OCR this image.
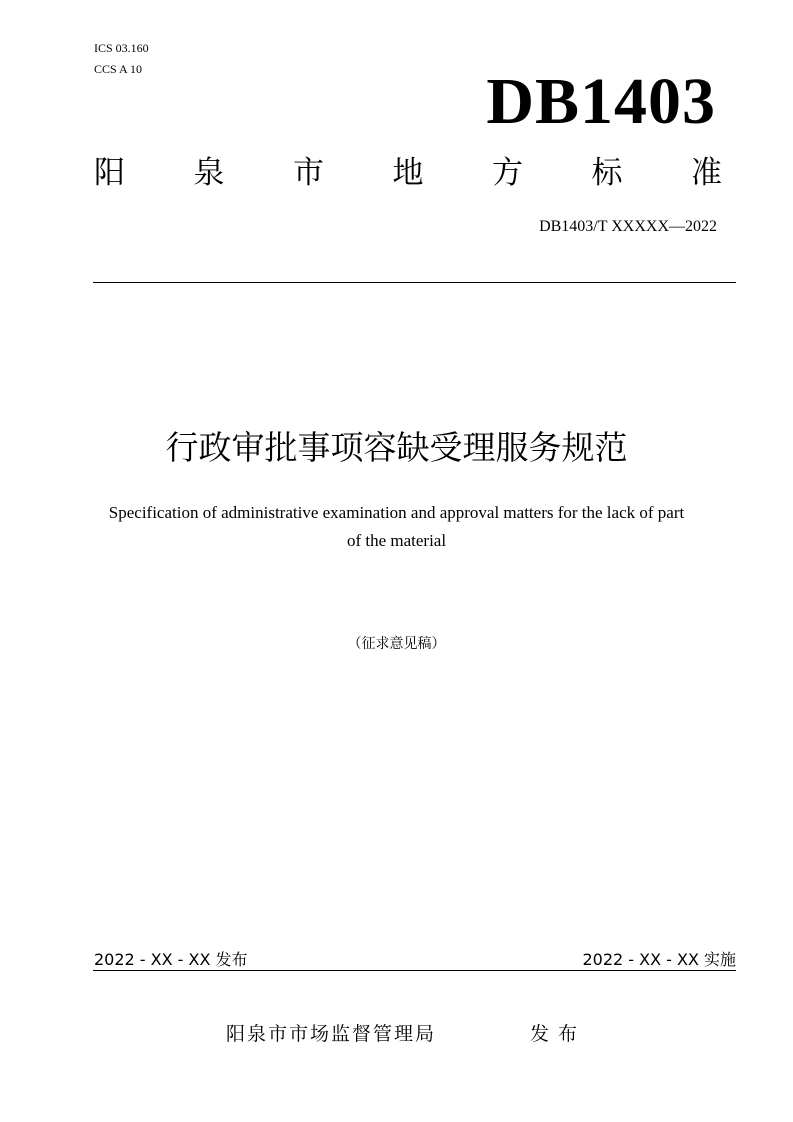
ICS 03.160
CCS A 10	DB1403
阳 泉 市 地 方 标 准
DB1403/T XXXXX—2022
行政审批事项容缺受理服务规范
Specification of administrative examination and approval matters for the lack of part
of the material
（征求意见稿）
2022 - XX - XX 发布	2022 - XX - XX 实施
阳泉市市场监督管理局	发布
